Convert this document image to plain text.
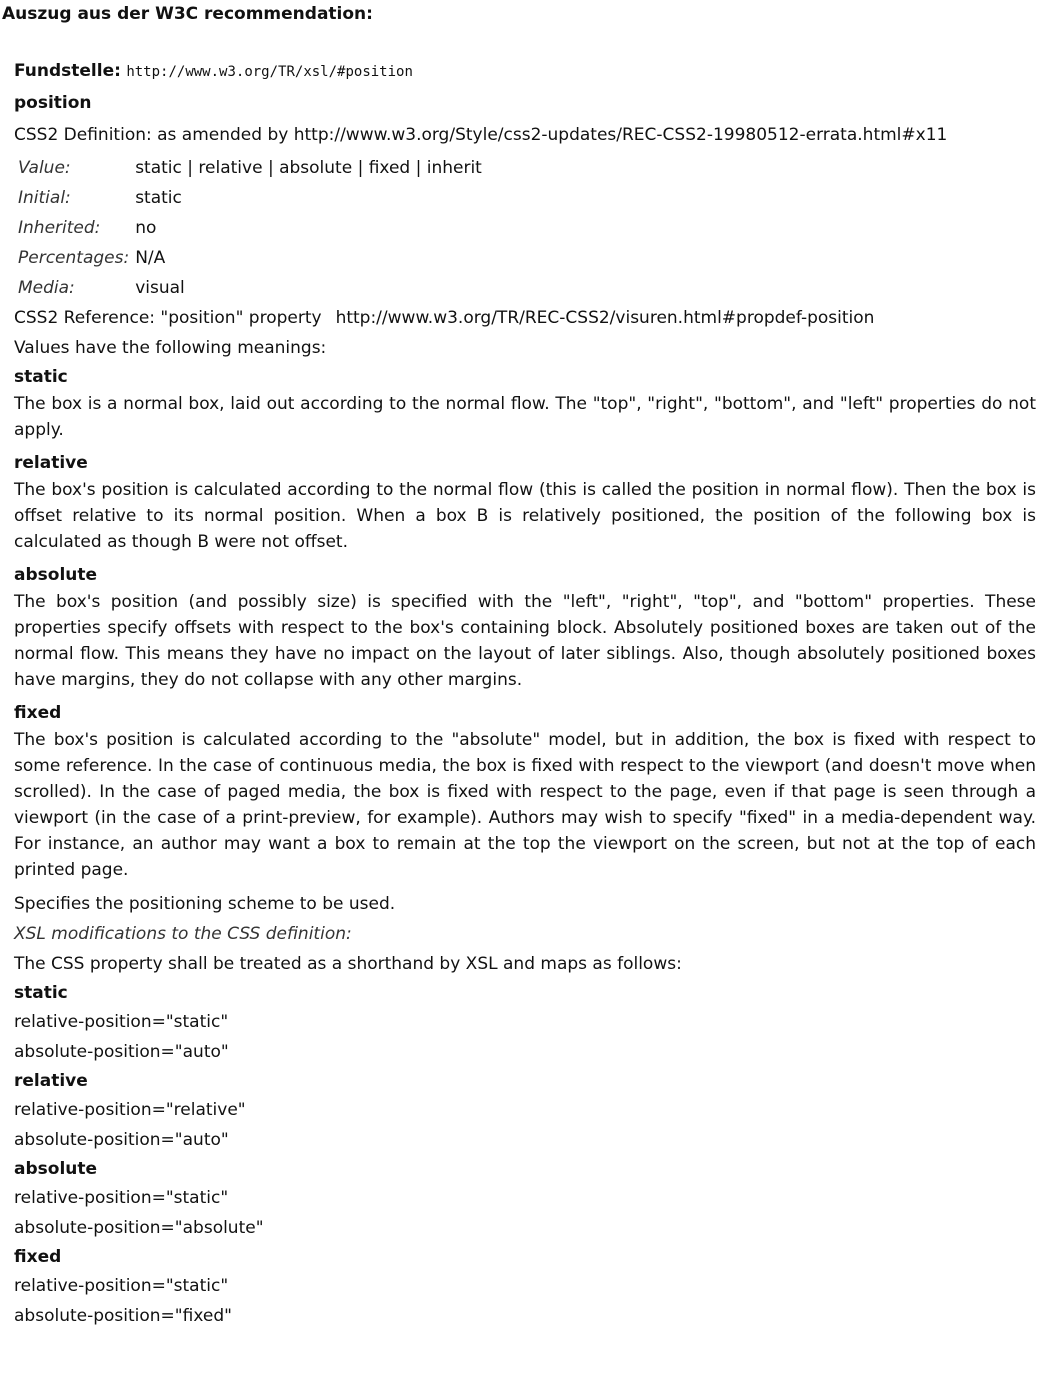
Auszug aus der W3C recommendation:
Fundstelle: http://www.w3.org/TR/xsl/#position
position
CSS2 Definition: as amended by http://www.w3.org/Style/css2-updates/REC-CSS2-19980512-errata.html#x11
Value:	static | relative | absolute | fixed | inherit
Initial:	static
Inherited:	no
Percentages:	N/A
Media:	visual
CSS2 Reference: "position" property http://www.w3.org/TR/REC-CSS2/visuren.html#propdef-position
Values have the following meanings:
static
The box is a normal box, laid out according to the normal flow. The "top", "right", "bottom", and "left" properties do not apply.
relative
The box's position is calculated according to the normal flow (this is called the position in normal flow). Then the box is offset relative to its normal position. When a box B is relatively positioned, the position of the following box is calculated as though B were not offset.
absolute
The box's position (and possibly size) is specified with the "left", "right", "top", and "bottom" properties. These properties specify offsets with respect to the box's containing block. Absolutely positioned boxes are taken out of the normal flow. This means they have no impact on the layout of later siblings. Also, though absolutely positioned boxes have margins, they do not collapse with any other margins.
fixed
The box's position is calculated according to the "absolute" model, but in addition, the box is fixed with respect to some reference. In the case of continuous media, the box is fixed with respect to the viewport (and doesn't move when scrolled). In the case of paged media, the box is fixed with respect to the page, even if that page is seen through a viewport (in the case of a print-preview, for example). Authors may wish to specify "fixed" in a media-dependent way. For instance, an author may want a box to remain at the top the viewport on the screen, but not at the top of each printed page.
Specifies the positioning scheme to be used.
XSL modifications to the CSS definition:
The CSS property shall be treated as a shorthand by XSL and maps as follows:
static
relative-position="static"
absolute-position="auto"
relative
relative-position="relative"
absolute-position="auto"
absolute
relative-position="static"
absolute-position="absolute"
fixed
relative-position="static"
absolute-position="fixed"
